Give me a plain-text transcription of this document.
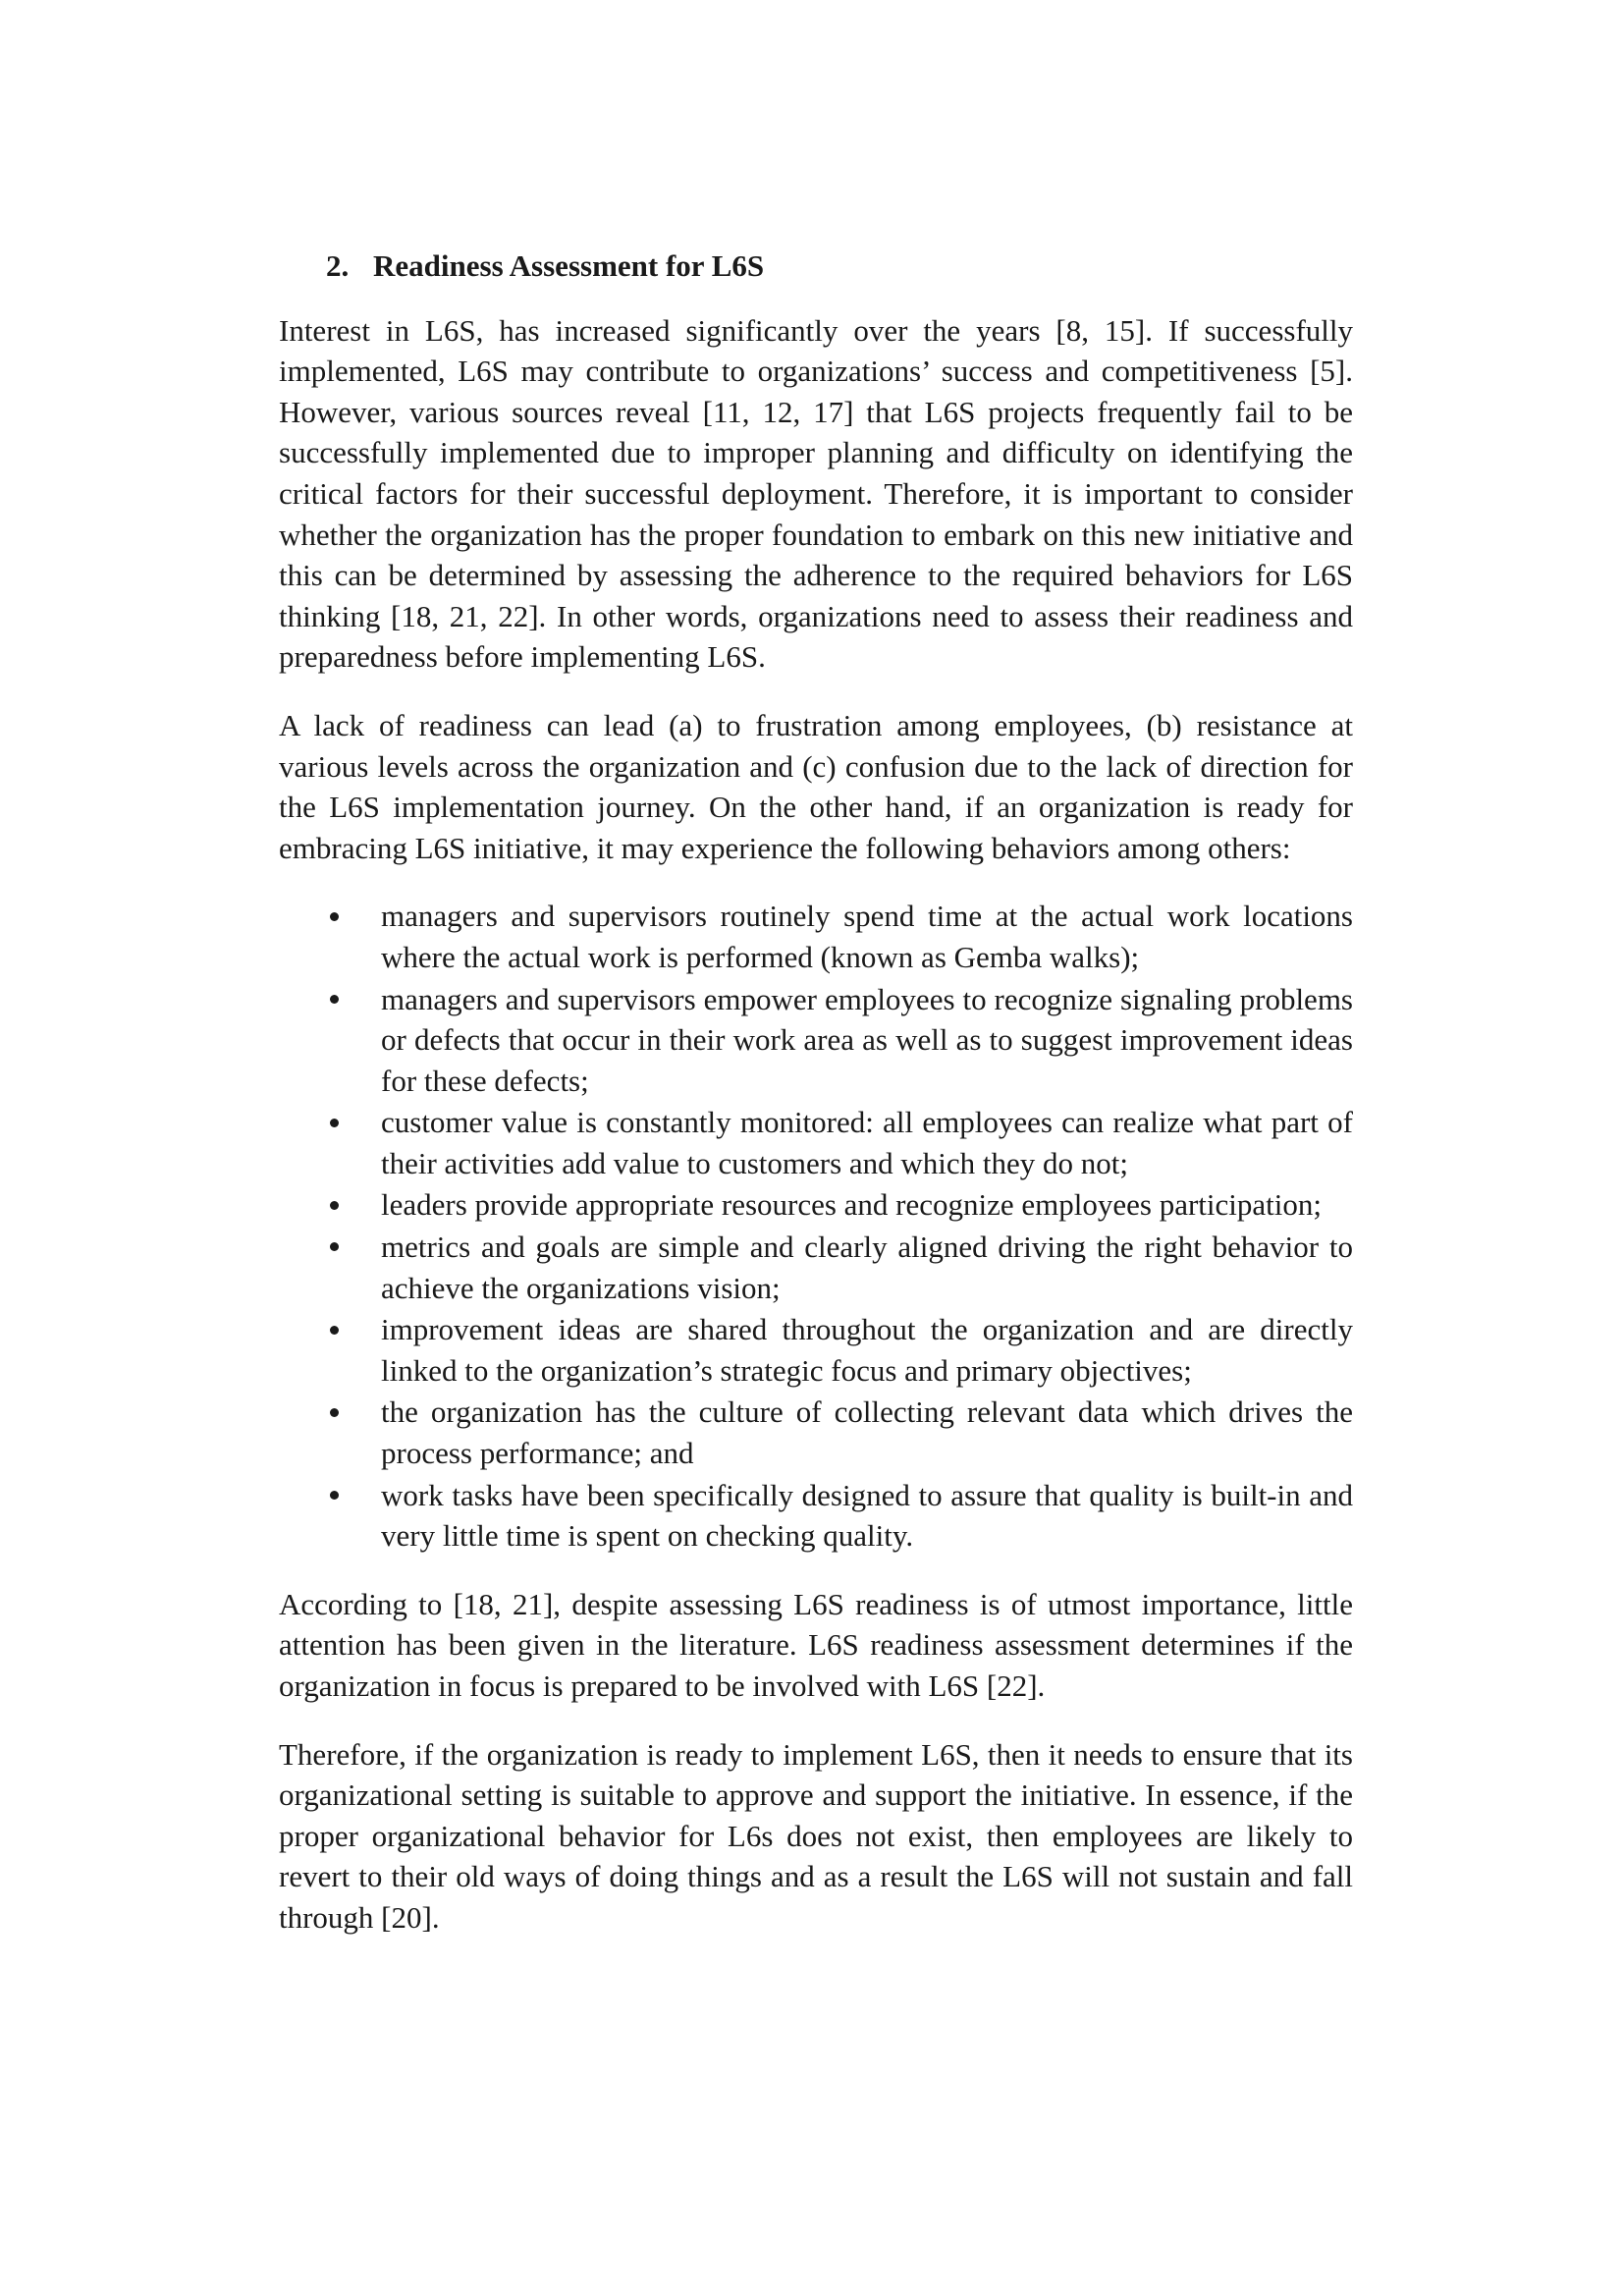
2. Readiness Assessment for L6S

Interest in L6S, has increased significantly over the years [8, 15]. If successfully implemented, L6S may contribute to organizations’ success and competitiveness [5]. However, various sources reveal [11, 12, 17] that L6S projects frequently fail to be successfully implemented due to improper planning and difficulty on identifying the critical factors for their successful deployment. Therefore, it is important to consider whether the organization has the proper foundation to embark on this new initiative and this can be determined by assessing the adherence to the required behaviors for L6S thinking [18, 21, 22]. In other words, organizations need to assess their readiness and preparedness before implementing L6S.

A lack of readiness can lead (a) to frustration among employees, (b) resistance at various levels across the organization and (c) confusion due to the lack of direction for the L6S implementation journey. On the other hand, if an organization is ready for embracing L6S initiative, it may experience the following behaviors among others:

managers and supervisors routinely spend time at the actual work locations where the actual work is performed (known as Gemba walks);
managers and supervisors empower employees to recognize signaling problems or defects that occur in their work area as well as to suggest improvement ideas for these defects;
customer value is constantly monitored: all employees can realize what part of their activities add value to customers and which they do not;
leaders provide appropriate resources and recognize employees participation;
metrics and goals are simple and clearly aligned driving the right behavior to achieve the organizations vision;
improvement ideas are shared throughout the organization and are directly linked to the organization’s strategic focus and primary objectives;
the organization has the culture of collecting relevant data which drives the process performance; and
work tasks have been specifically designed to assure that quality is built-in and very little time is spent on checking quality.

According to [18, 21], despite assessing L6S readiness is of utmost importance, little attention has been given in the literature. L6S readiness assessment determines if the organization in focus is prepared to be involved with L6S [22].

Therefore, if the organization is ready to implement L6S, then it needs to ensure that its organizational setting is suitable to approve and support the initiative. In essence, if the proper organizational behavior for L6s does not exist, then employees are likely to revert to their old ways of doing things and as a result the L6S will not sustain and fall through [20].
